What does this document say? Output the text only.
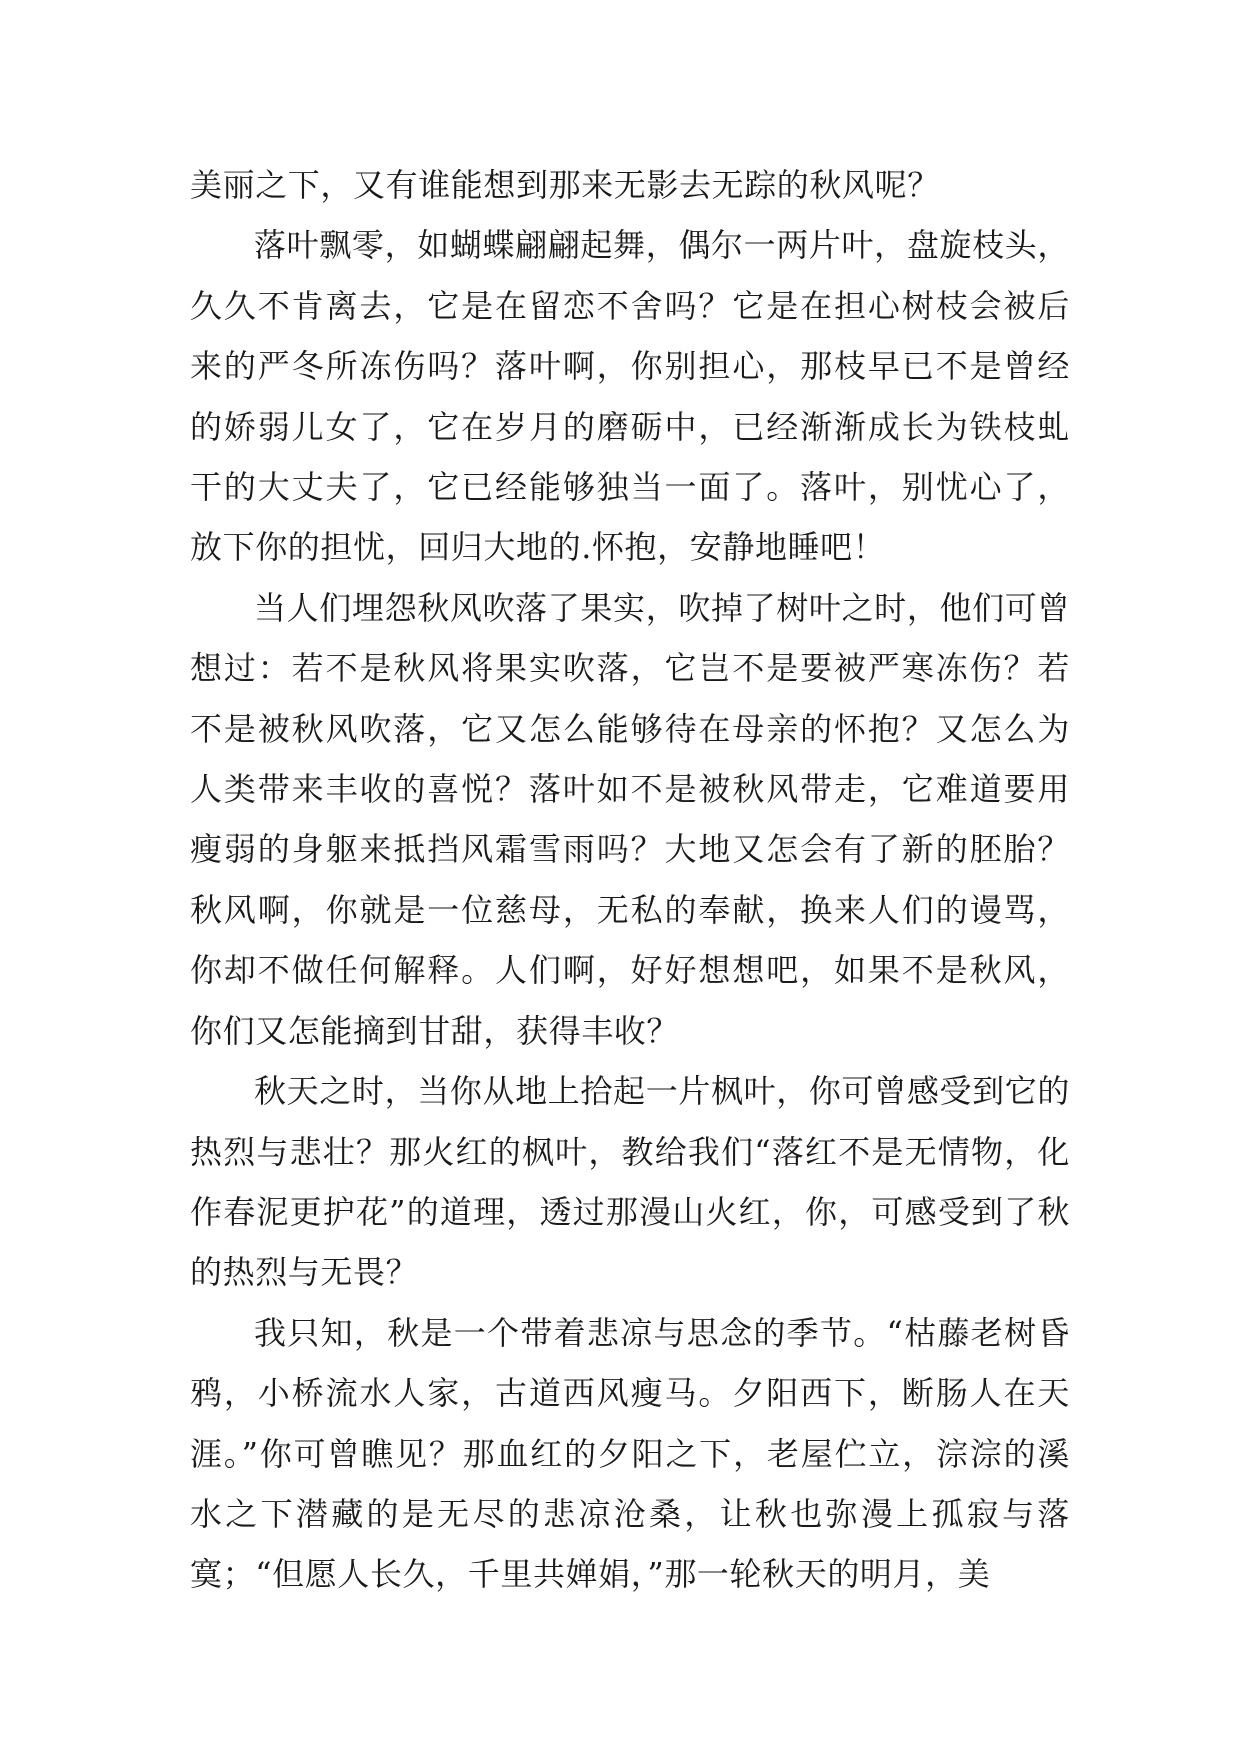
美丽之下，又有谁能想到那来无影去无踪的秋风呢？

落叶飘零，如蝴蝶翩翩起舞，偶尔一两片叶，盘旋枝头，久久不肯离去，它是在留恋不舍吗？它是在担心树枝会被后来的严冬所冻伤吗？落叶啊，你别担心，那枝早已不是曾经的娇弱儿女了，它在岁月的磨砺中，已经渐渐成长为铁枝虬干的大丈夫了，它已经能够独当一面了。落叶，别忧心了，放下你的担忧，回归大地的.怀抱，安静地睡吧！

当人们埋怨秋风吹落了果实，吹掉了树叶之时，他们可曾想过：若不是秋风将果实吹落，它岂不是要被严寒冻伤？若不是被秋风吹落，它又怎么能够待在母亲的怀抱？又怎么为人类带来丰收的喜悦？落叶如不是被秋风带走，它难道要用瘦弱的身躯来抵挡风霜雪雨吗？大地又怎会有了新的胚胎？秋风啊，你就是一位慈母，无私的奉献，换来人们的谩骂，你却不做任何解释。人们啊，好好想想吧，如果不是秋风，你们又怎能摘到甘甜，获得丰收？

秋天之时，当你从地上拾起一片枫叶，你可曾感受到它的热烈与悲壮？那火红的枫叶，教给我们“落红不是无情物，化作春泥更护花”的道理，透过那漫山火红，你，可感受到了秋的热烈与无畏？

我只知，秋是一个带着悲凉与思念的季节。“枯藤老树昏鸦，小桥流水人家，古道西风瘦马。夕阳西下，断肠人在天涯。”你可曾瞧见？那血红的夕阳之下，老屋伫立，淙淙的溪水之下潜藏的是无尽的悲凉沧桑，让秋也弥漫上孤寂与落寞；“但愿人长久，千里共婵娟，”那一轮秋天的明月，美
